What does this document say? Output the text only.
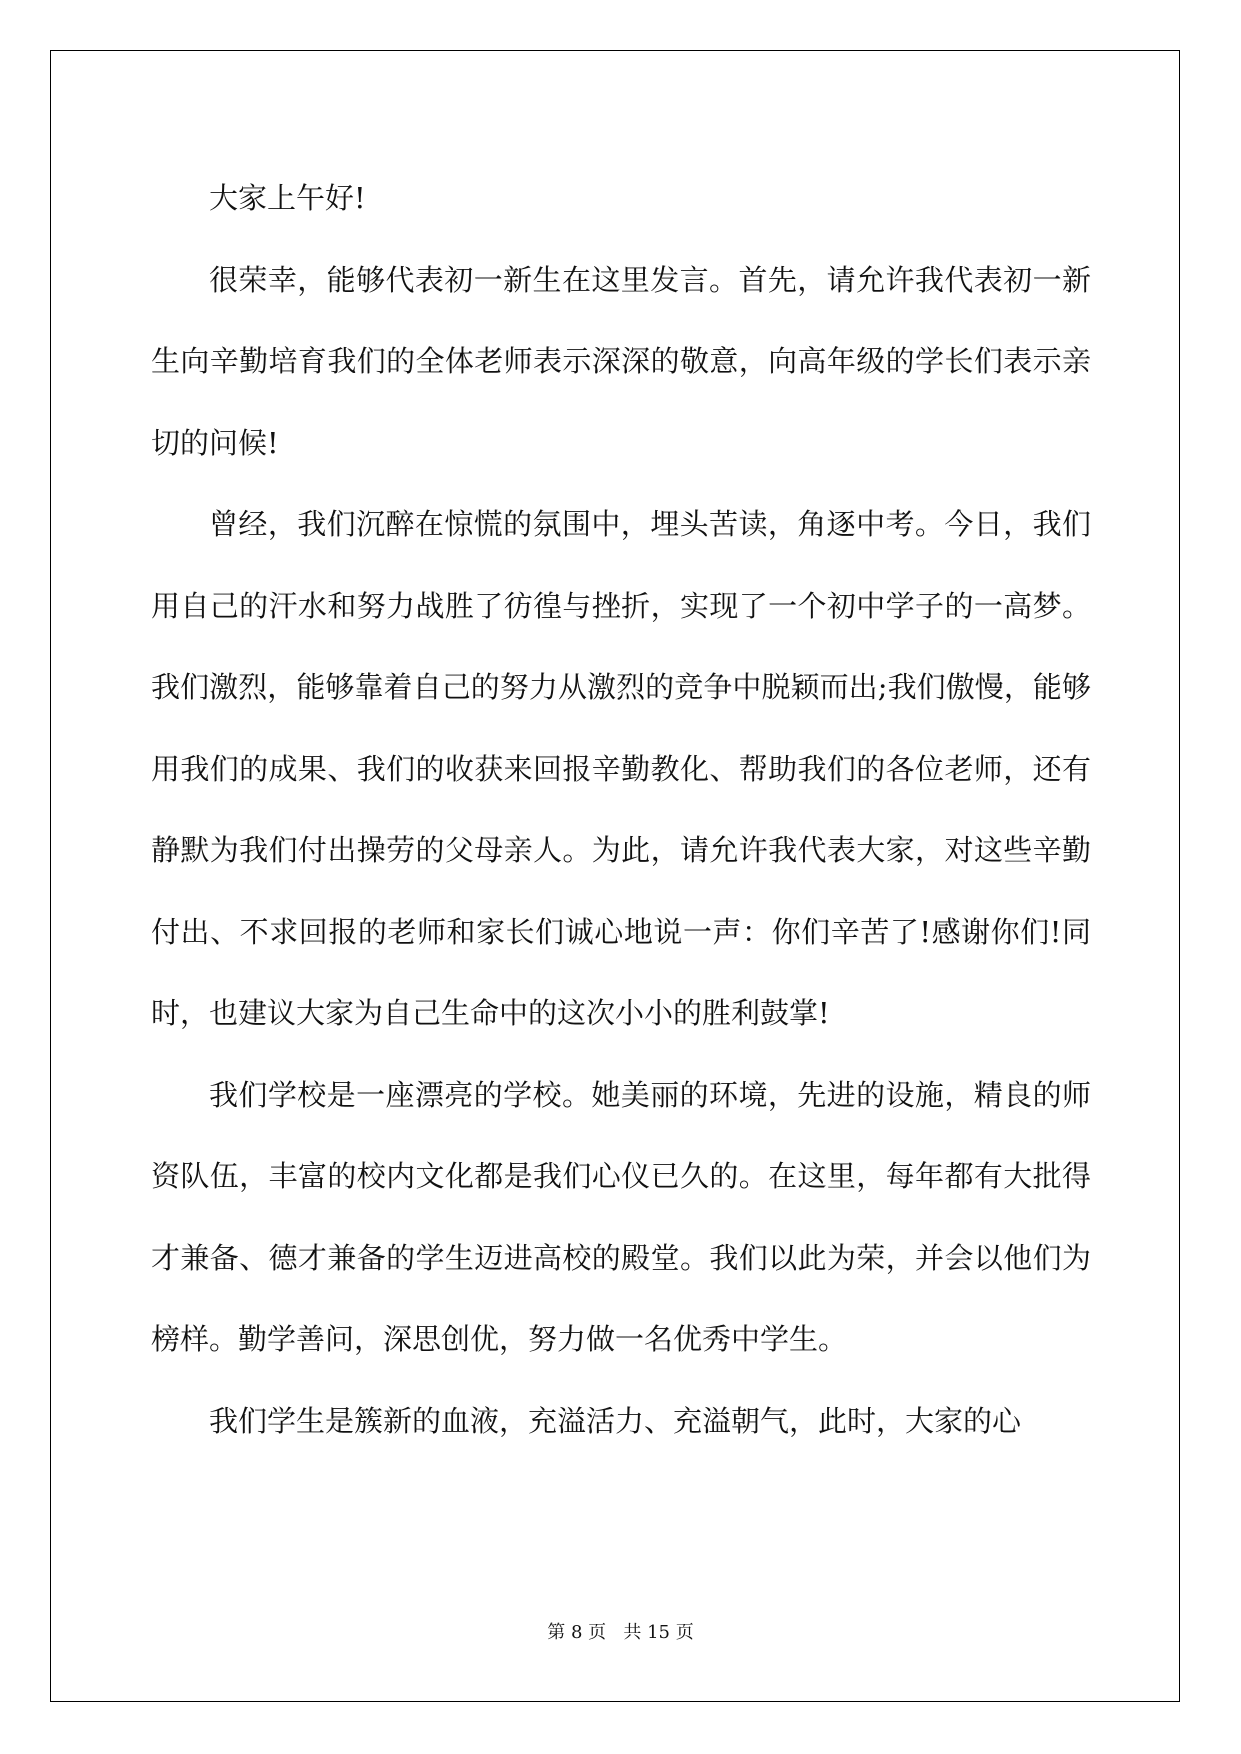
大家上午好!

很荣幸，能够代表初一新生在这里发言。首先，请允许我代表初一新生向辛勤培育我们的全体老师表示深深的敬意，向高年级的学长们表示亲切的问候!

曾经，我们沉醉在惊慌的氛围中，埋头苦读，角逐中考。今日，我们用自己的汗水和努力战胜了彷徨与挫折，实现了一个初中学子的一高梦。我们激烈，能够靠着自己的努力从激烈的竞争中脱颖而出;我们傲慢，能够用我们的成果、我们的收获来回报辛勤教化、帮助我们的各位老师，还有静默为我们付出操劳的父母亲人。为此，请允许我代表大家，对这些辛勤付出、不求回报的老师和家长们诚心地说一声：你们辛苦了!感谢你们!同时，也建议大家为自己生命中的这次小小的胜利鼓掌!

我们学校是一座漂亮的学校。她美丽的环境，先进的设施，精良的师资队伍，丰富的校内文化都是我们心仪已久的。在这里，每年都有大批得才兼备、德才兼备的学生迈进高校的殿堂。我们以此为荣，并会以他们为榜样。勤学善问，深思创优，努力做一名优秀中学生。

我们学生是簇新的血液，充溢活力、充溢朝气，此时，大家的心

第 8 页 共 15 页
